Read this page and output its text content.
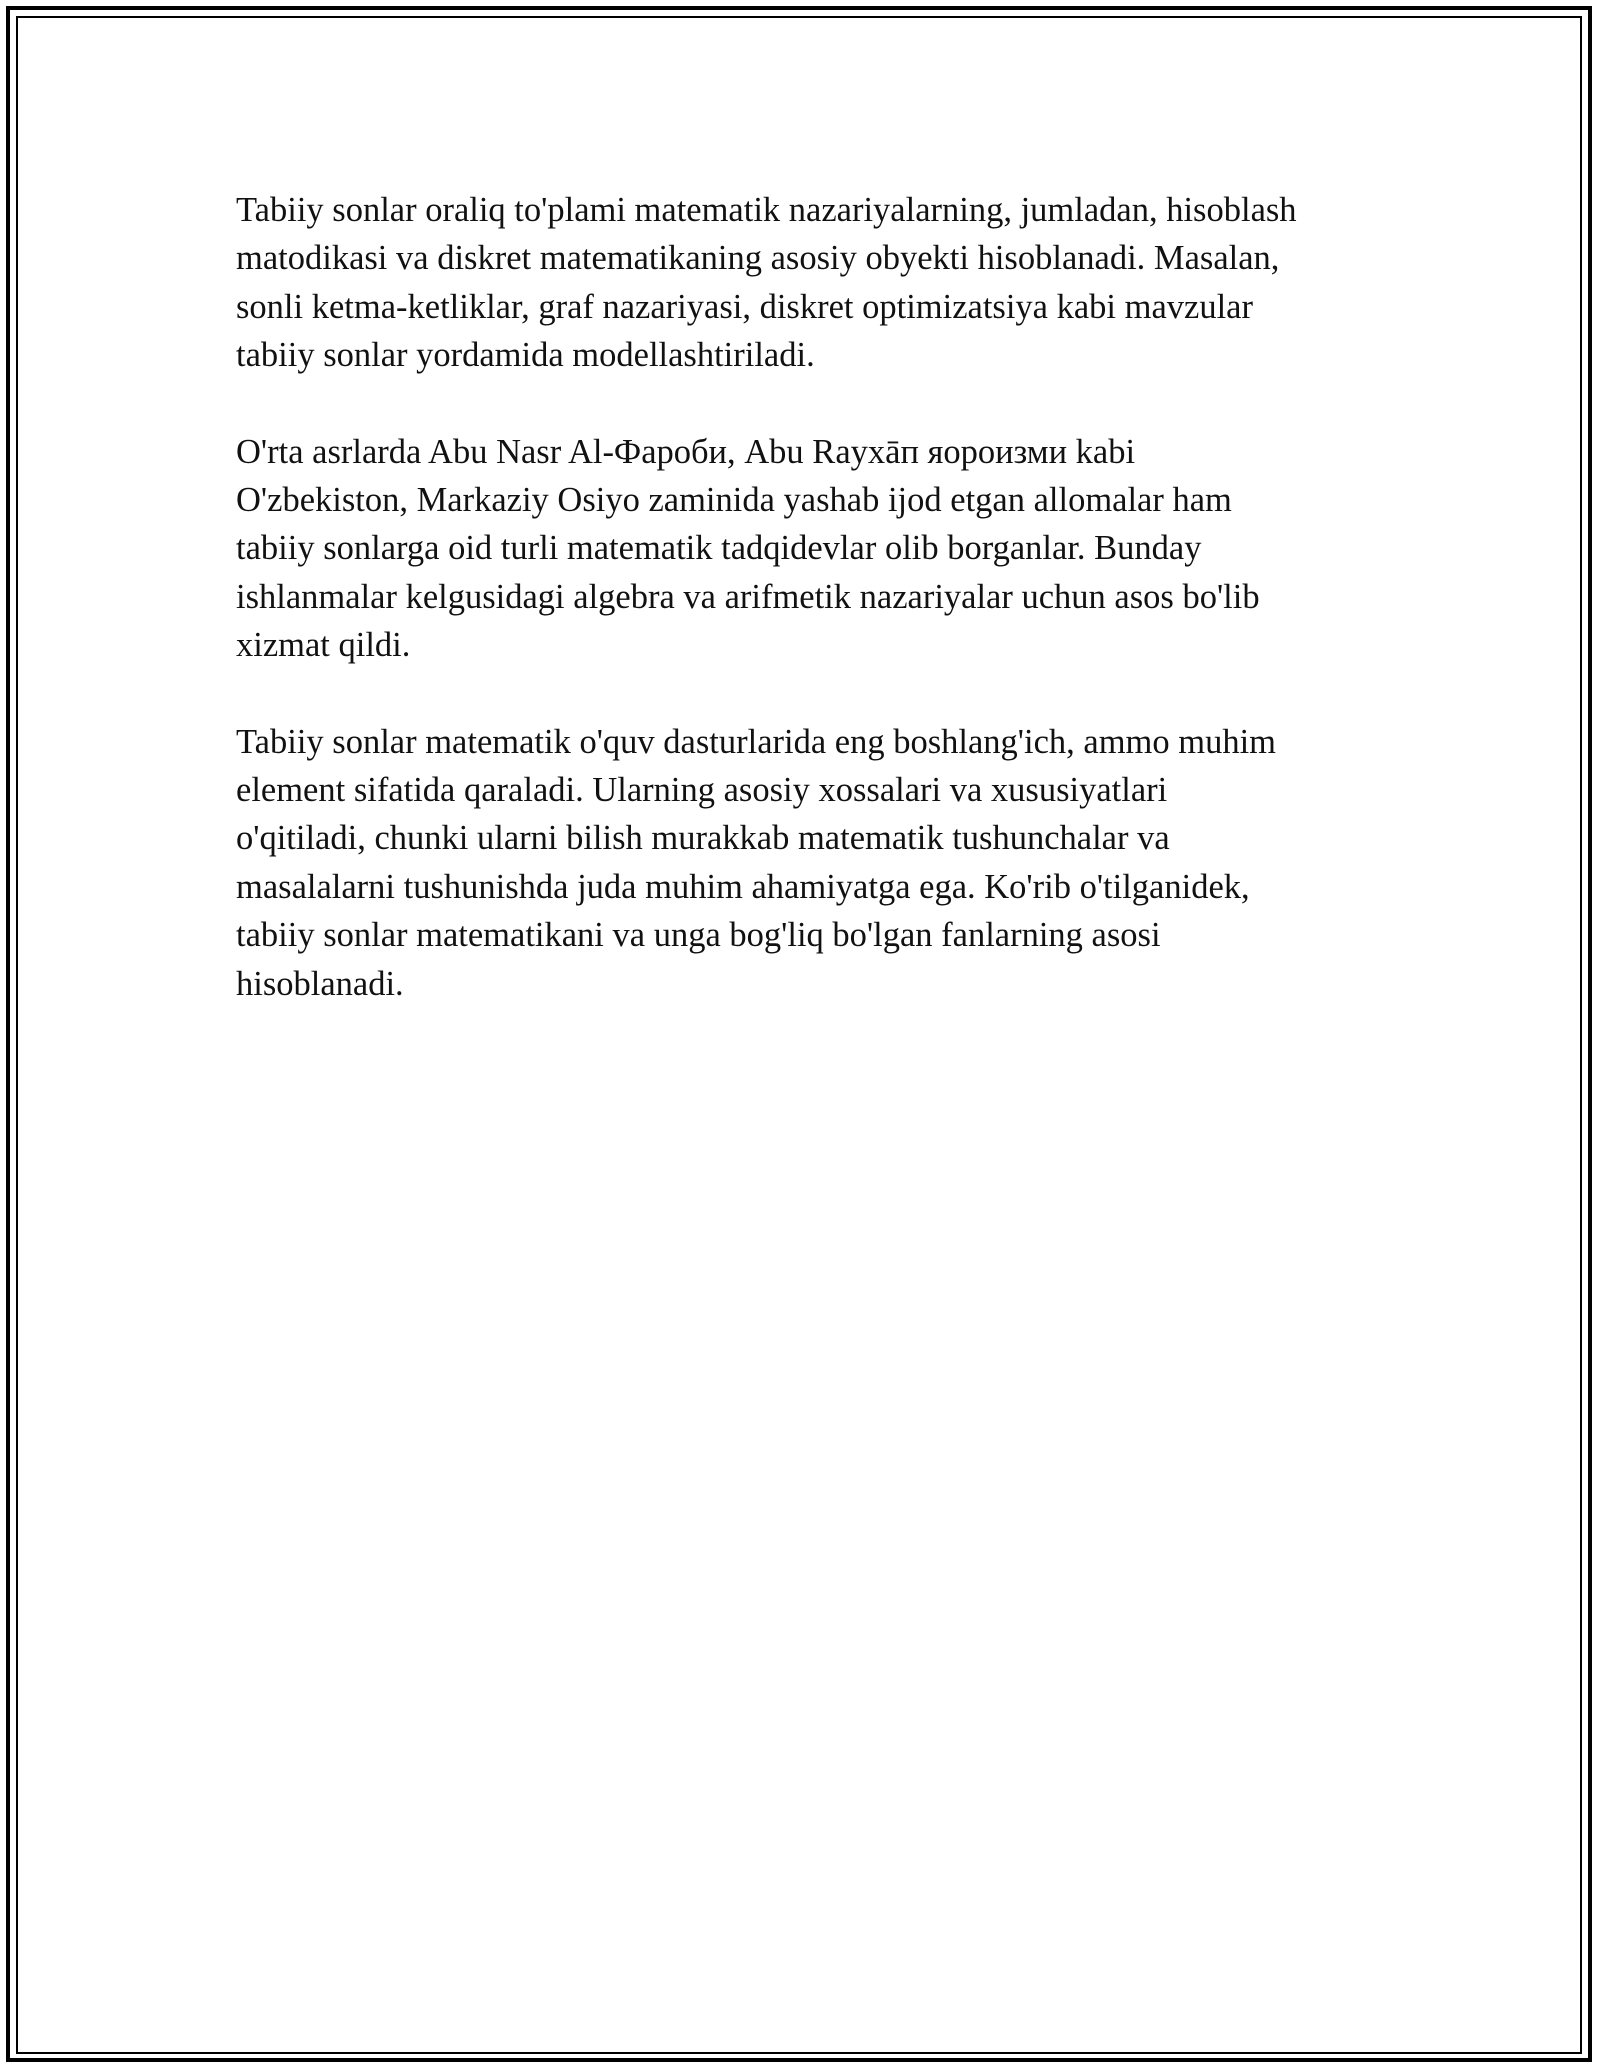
Tabiiy sonlar oraliq to'plami matematik nazariyalarning, jumladan, hisoblash
matodikasi va diskret matematikaning asosiy obyekti hisoblanadi. Masalan,
sonli ketma-ketliklar, graf nazariyasi, diskret optimizatsiya kabi mavzular
tabiiy sonlar yordamida modellashtiriladi.

O'rta asrlarda Abu Nasr Al-Фароби, Abu Rayxāп яороизми kabi
O'zbekiston, Markaziy Osiyo zaminida yashab ijod etgan allomalar ham
tabiiy sonlarga oid turli matematik tadqidevlar olib borganlar. Bunday
ishlanmalar kelgusidagi algebra va arifmetik nazariyalar uchun asos bo'lib
xizmat qildi.

Tabiiy sonlar matematik o'quv dasturlarida eng boshlang'ich, ammo muhim
element sifatida qaraladi. Ularning asosiy xossalari va xususiyatlari
o'qitiladi, chunki ularni bilish murakkab matematik tushunchalar va
masalalarni tushunishda juda muhim ahamiyatga ega. Ko'rib o'tilganidek,
tabiiy sonlar matematikani va unga bog'liq bo'lgan fanlarning asosi
hisoblanadi.
